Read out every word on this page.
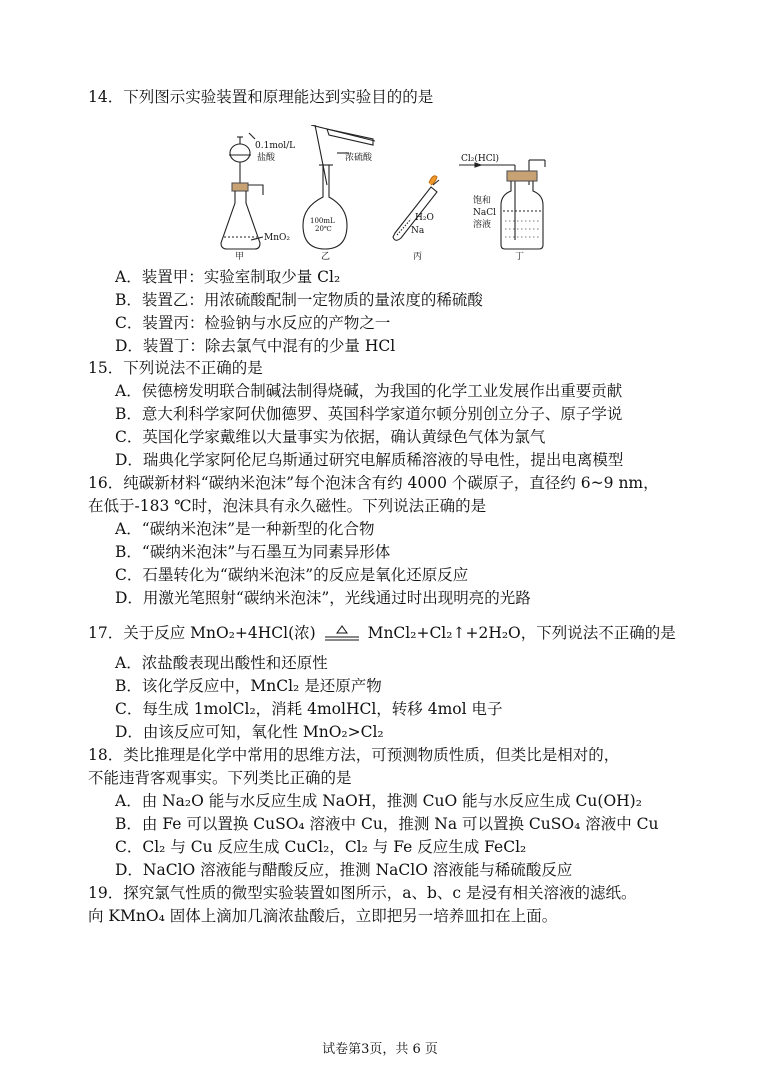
14．下列图示实验装置和原理能达到实验目的的是
0.1mol/L
盐酸
MnO₂
浓硫酸
100mL
20℃
H₂O
Na
Cl₂(HCl)
饱和
NaCl
溶液
甲	乙	丙	丁
A．装置甲：实验室制取少量 Cl₂
B．装置乙：用浓硫酸配制一定物质的量浓度的稀硫酸
C．装置丙：检验钠与水反应的产物之一
D．装置丁：除去氯气中混有的少量 HCl
15．下列说法不正确的是
A．侯德榜发明联合制碱法制得烧碱，为我国的化学工业发展作出重要贡献
B．意大利科学家阿伏伽德罗、英国科学家道尔顿分别创立分子、原子学说
C．英国化学家戴维以大量事实为依据，确认黄绿色气体为氯气
D．瑞典化学家阿伦尼乌斯通过研究电解质稀溶液的导电性，提出电离模型
16．纯碳新材料“碳纳米泡沫”每个泡沫含有约 4000 个碳原子，直径约 6~9 nm，
在低于-183 ℃时，泡沫具有永久磁性。下列说法正确的是
A．“碳纳米泡沫”是一种新型的化合物
B．“碳纳米泡沫”与石墨互为同素异形体
C．石墨转化为“碳纳米泡沫”的反应是氧化还原反应
D．用激光笔照射“碳纳米泡沫”，光线通过时出现明亮的光路
17．关于反应 MnO₂+4HCl(浓)	MnCl₂+Cl₂↑+2H₂O，下列说法不正确的是
A．浓盐酸表现出酸性和还原性
B．该化学反应中，MnCl₂ 是还原产物
C．每生成 1molCl₂，消耗 4molHCl，转移 4mol 电子
D．由该反应可知，氧化性 MnO₂>Cl₂
18．类比推理是化学中常用的思维方法，可预测物质性质，但类比是相对的，
不能违背客观事实。下列类比正确的是
A．由 Na₂O 能与水反应生成 NaOH，推测 CuO 能与水反应生成 Cu(OH)₂
B．由 Fe 可以置换 CuSO₄ 溶液中 Cu，推测 Na 可以置换 CuSO₄ 溶液中 Cu
C．Cl₂ 与 Cu 反应生成 CuCl₂，Cl₂ 与 Fe 反应生成 FeCl₂
D．NaClO 溶液能与醋酸反应，推测 NaClO 溶液能与稀硫酸反应
19．探究氯气性质的微型实验装置如图所示，a、b、c 是浸有相关溶液的滤纸。
向 KMnO₄ 固体上滴加几滴浓盐酸后，立即把另一培养皿扣在上面。
试卷第3页，共 6 页
